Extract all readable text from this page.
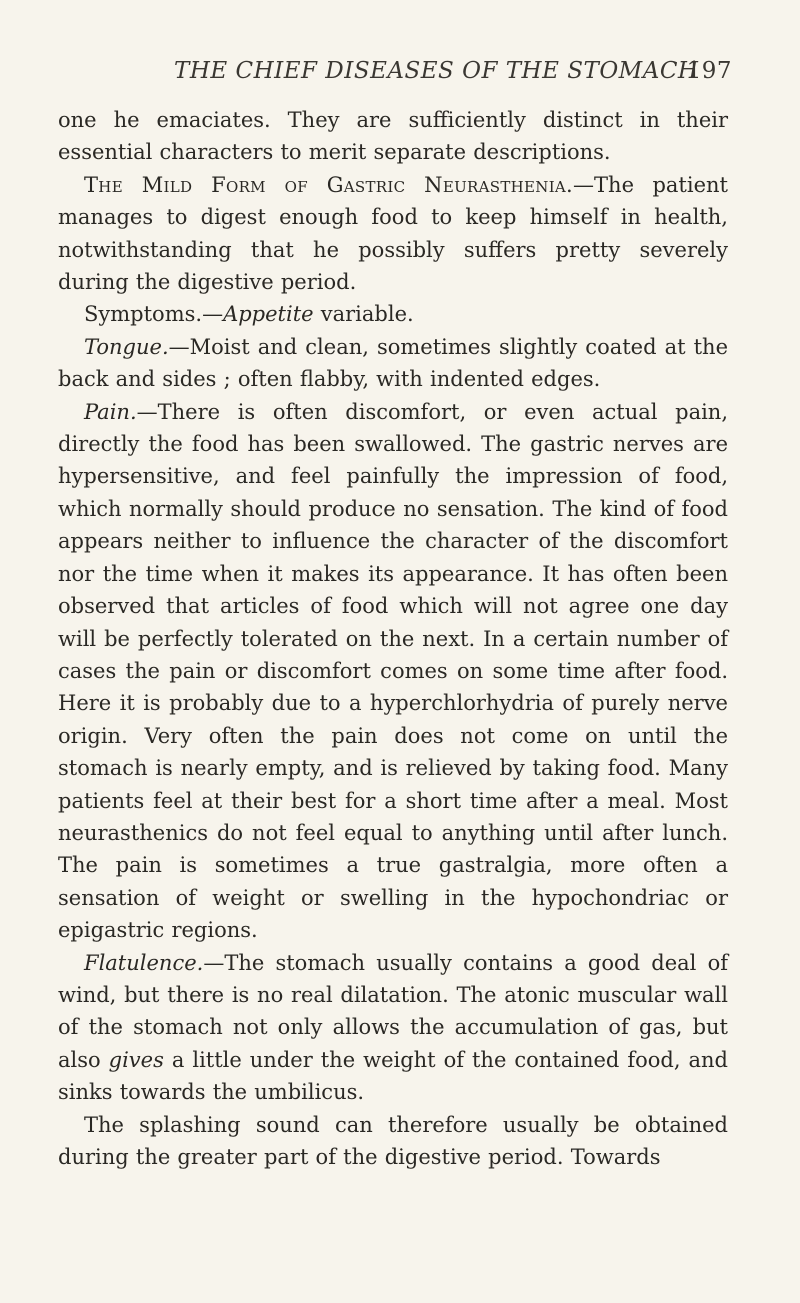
THE CHIEF DISEASES OF THE STOMACH
197

one he emaciates. They are sufficiently distinct in their essential characters to merit separate descriptions.

The Mild Form of Gastric Neurasthenia.—The patient manages to digest enough food to keep himself in health, notwithstanding that he possibly suffers pretty severely during the digestive period.

Symptoms.—Appetite variable.

Tongue.—Moist and clean, sometimes slightly coated at the back and sides ; often flabby, with indented edges.

Pain.—There is often discomfort, or even actual pain, directly the food has been swallowed. The gastric nerves are hypersensitive, and feel painfully the impression of food, which normally should produce no sensation. The kind of food appears neither to influence the character of the discomfort nor the time when it makes its appearance. It has often been observed that articles of food which will not agree one day will be perfectly tolerated on the next. In a certain number of cases the pain or discomfort comes on some time after food. Here it is probably due to a hyperchlorhydria of purely nerve origin. Very often the pain does not come on until the stomach is nearly empty, and is relieved by taking food. Many patients feel at their best for a short time after a meal. Most neurasthenics do not feel equal to anything until after lunch. The pain is sometimes a true gastralgia, more often a sensation of weight or swelling in the hypochondriac or epigastric regions.

Flatulence.—The stomach usually contains a good deal of wind, but there is no real dilatation. The atonic muscular wall of the stomach not only allows the accumulation of gas, but also gives a little under the weight of the contained food, and sinks towards the umbilicus.

The splashing sound can therefore usually be obtained during the greater part of the digestive period. Towards
